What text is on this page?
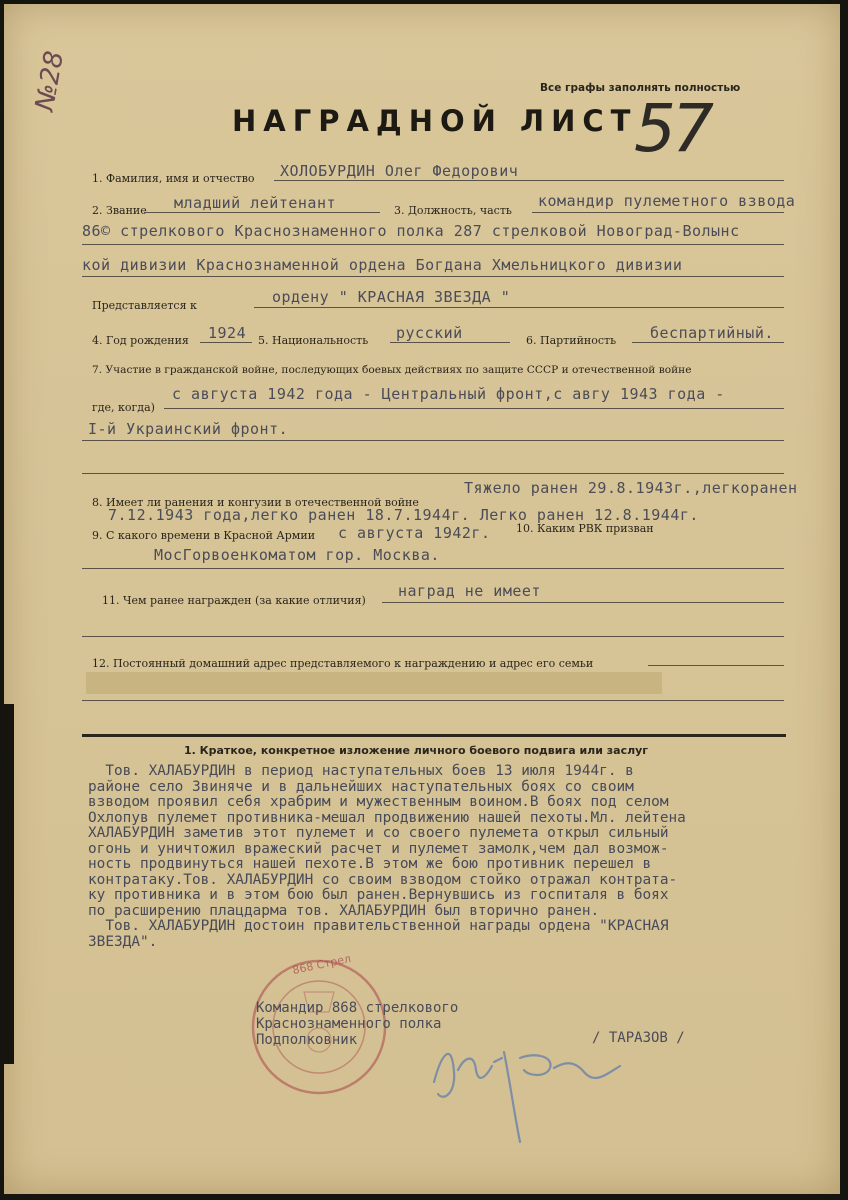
№28	Все графы заполнять полностью
НАГРАДНОЙ ЛИСТ
57
1. Фамилия, имя и отчество ХОЛОБУРДИН Олег Федорович
2. Звание младший лейтенант	3. Должность, часть
командир пулеметного взвода
86© стрелкового Краснознаменного полка 287 стрелковой Новоград-Волынс
кой дивизии Краснознаменной ордена Богдана Хмельницкого дивизии
Представляется к	ордену " КРАСНАЯ ЗВЕЗДА "
4. Год рождения 1924 5. Национальность русский	6. Партийность беспартийный.
7. Участие в гражданской войне, последующих боевых действиях по защите СССР и отечественной войне
где, когда)
с августа 1942 года - Центральный фронт,с авгу 1943 года -
I-й Украинский фронт.
8. Имеет ли ранения и конгузии в отечественной войне
Тяжело ранен 29.8.1943г.,легкоранен
7.12.1943 года,легко ранен 18.7.1944г. Легко ранен 12.8.1944г.
9. С какого времени в Красной Армии с августа 1942г. 10. Каким РВК призван
МосГорвоенкоматом гор. Москва.
11. Чем ранее награжден (за какие отличия)
наград не имеет
12. Постоянный домашний адрес представляемого к награждению и адрес его семьи
1. Краткое, конкретное изложение личного боевого подвига или заслуг
Тов. ХАЛАБУРДИН в период наступательных боев 13 июля 1944г. в
районе село Звиняче и в дальнейших наступательных боях со своим
взводом проявил себя храбрим и мужественным воином.В боях под селом
Охлопув пулемет противника-мешал продвижению нашей пехоты.Мл. лейтена
ХАЛАБУРДИН заметив этот пулемет и со своего пулемета открыл сильный
огонь и уничтожил вражеский расчет и пулемет замолк,чем дал возмож-
ность продвинуться нашей пехоте.В этом же бою противник перешел в
контратаку.Тов. ХАЛАБУРДИН со своим взводом стойко отражал контрата-
ку противника и в этом бою был ранен.Вернувшись из госпиталя в боях
по расширению плацдарма тов. ХАЛАБУРДИН был вторично ранен.
Тов. ХАЛАБУРДИН достоин правительственной награды ордена "КРАСНАЯ
ЗВЕЗДА".
868 Стрел
Командир 868 стрелкового
Краснознаменного полка
Подполковник	/ ТАРАЗОВ /
